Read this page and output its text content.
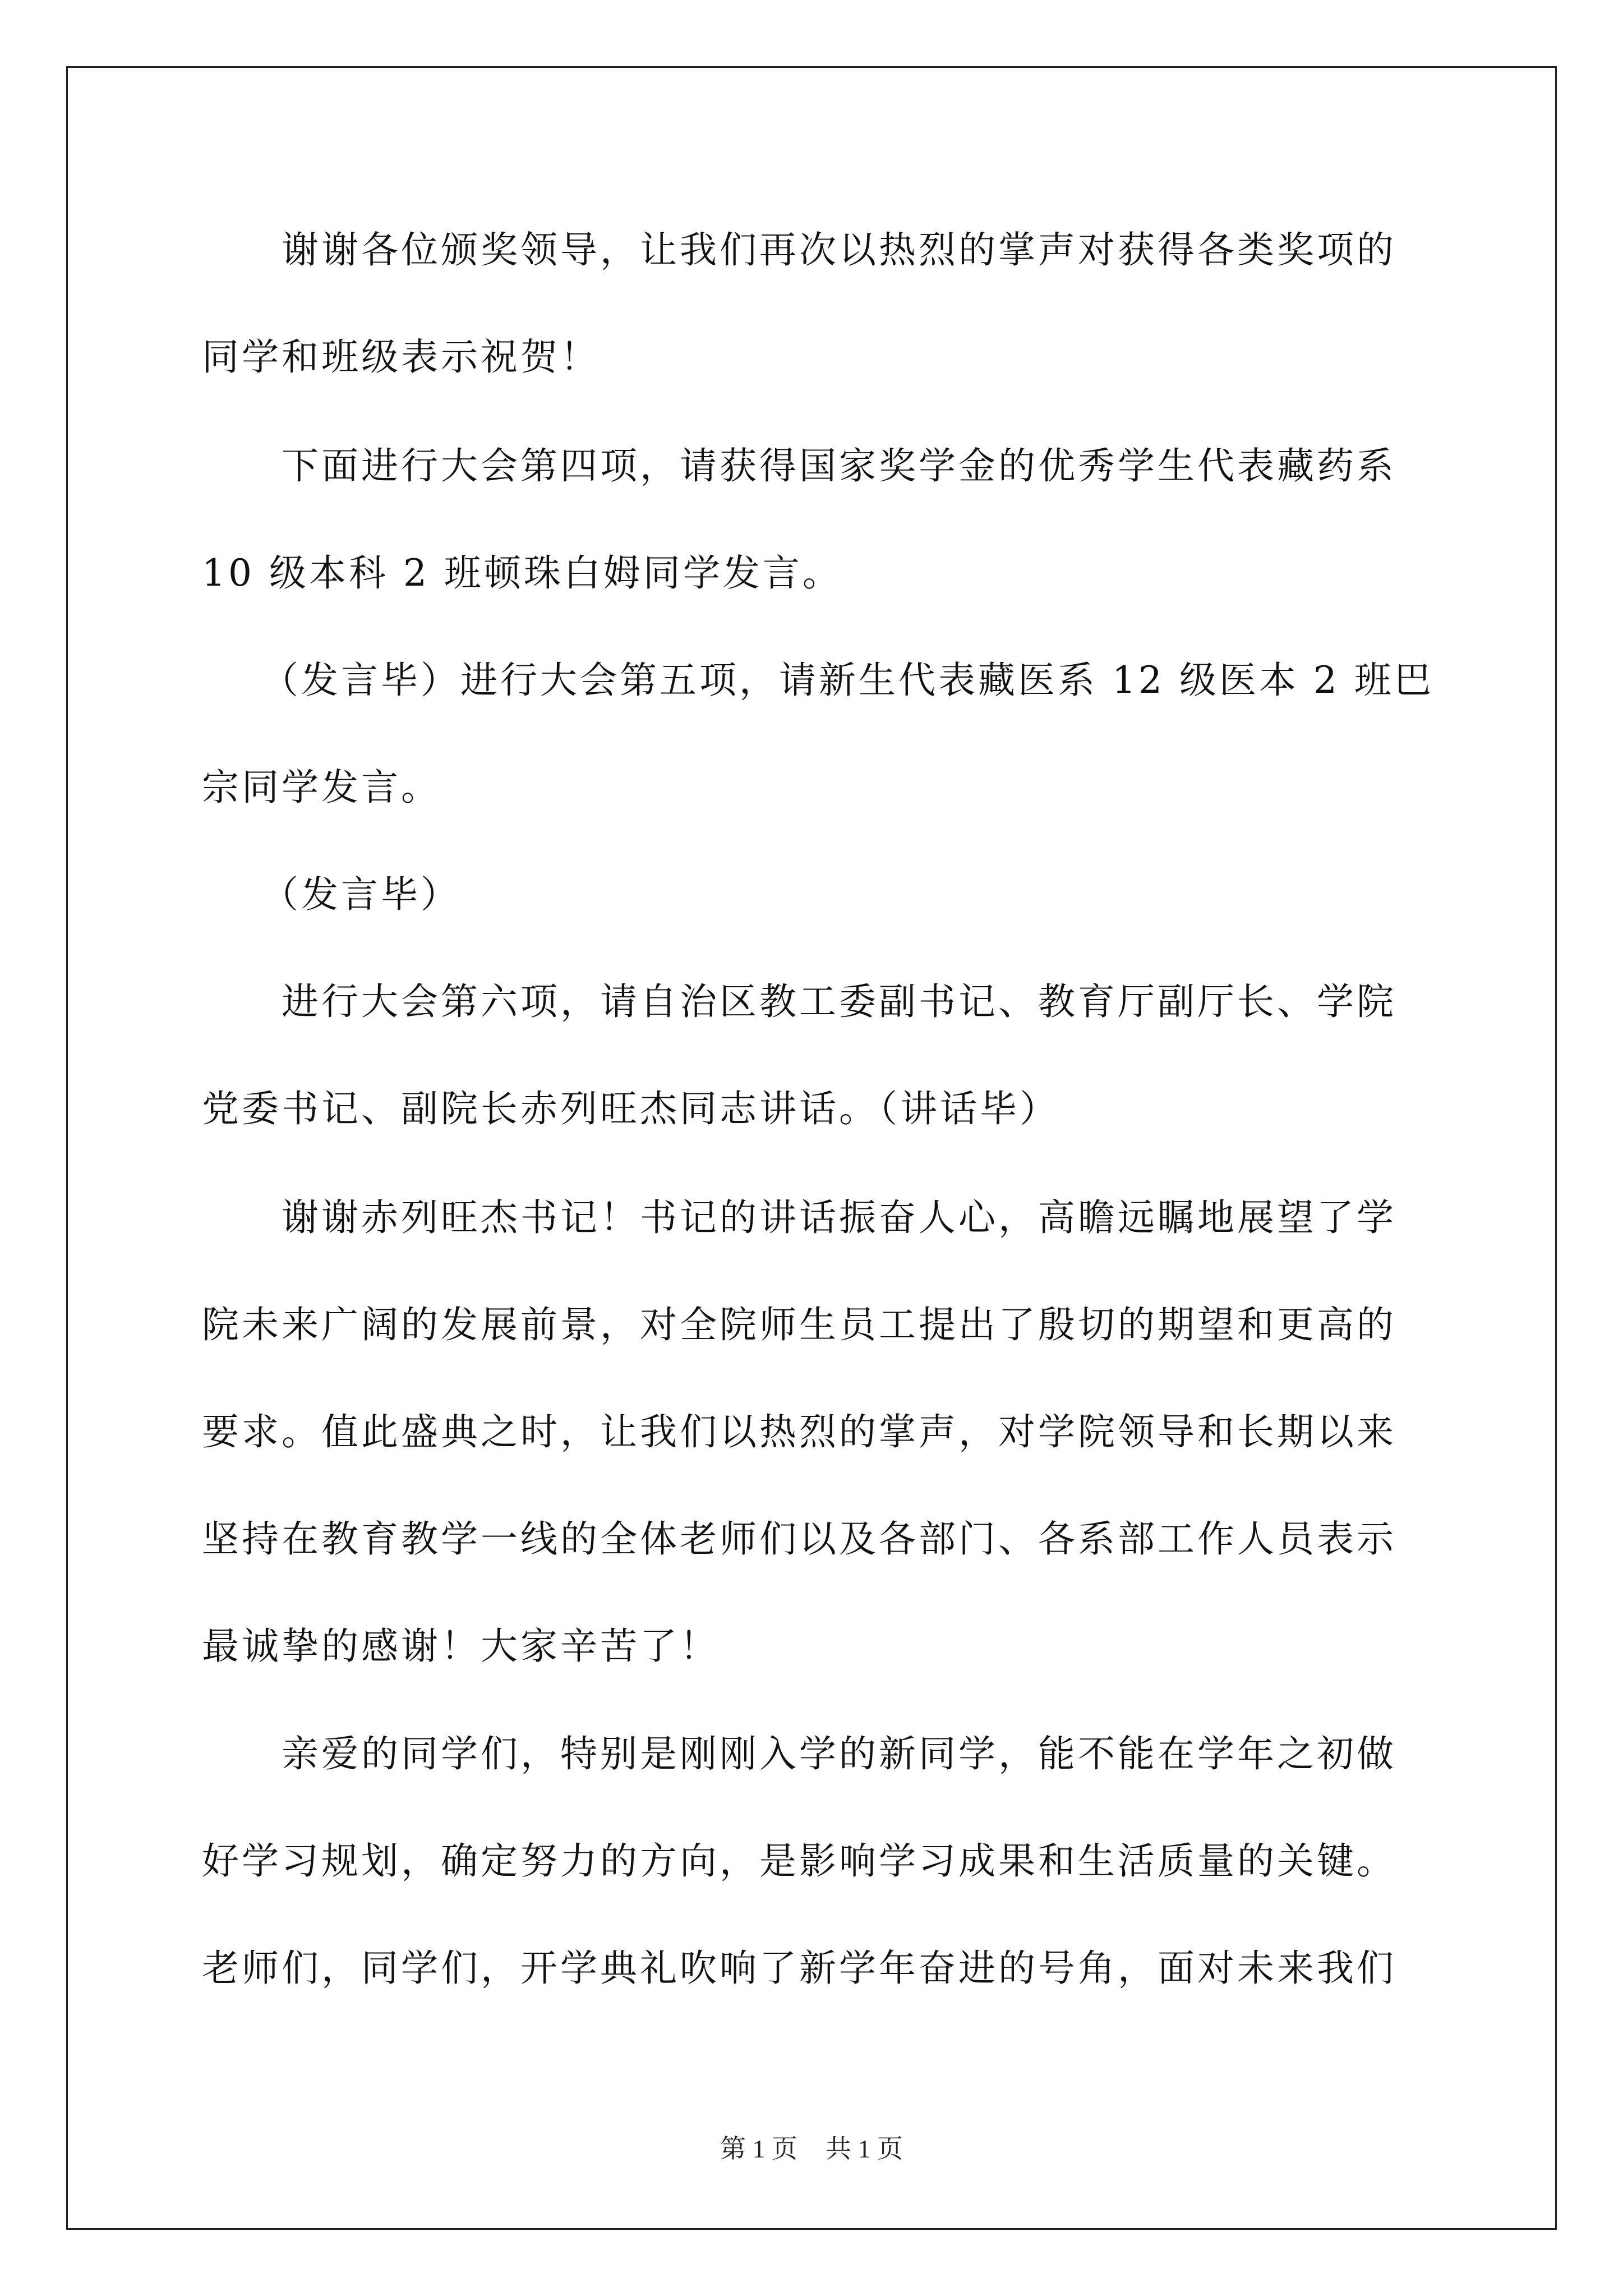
谢谢各位颁奖领导，让我们再次以热烈的掌声对获得各类奖项的
同学和班级表示祝贺！
下面进行大会第四项，请获得国家奖学金的优秀学生代表藏药系
10 级本科 2 班顿珠白姆同学发言。
（发言毕）进行大会第五项，请新生代表藏医系 12 级医本 2 班巴
宗同学发言。
（发言毕）
进行大会第六项，请自治区教工委副书记、教育厅副厅长、学院
党委书记、副院长赤列旺杰同志讲话。（讲话毕）
谢谢赤列旺杰书记！书记的讲话振奋人心，高瞻远瞩地展望了学
院未来广阔的发展前景，对全院师生员工提出了殷切的期望和更高的
要求。值此盛典之时，让我们以热烈的掌声，对学院领导和长期以来
坚持在教育教学一线的全体老师们以及各部门、各系部工作人员表示
最诚挚的感谢！大家辛苦了！
亲爱的同学们，特别是刚刚入学的新同学，能不能在学年之初做
好学习规划，确定努力的方向，是影响学习成果和生活质量的关键。
老师们，同学们，开学典礼吹响了新学年奋进的号角，面对未来我们
第 1 页 共 1 页
